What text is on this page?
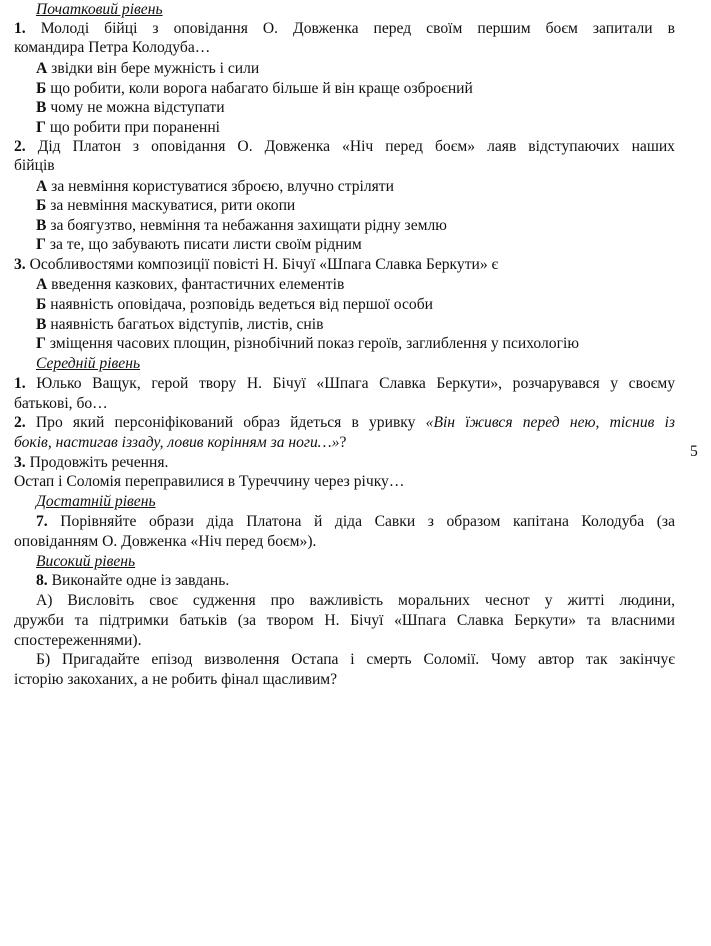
Початковий рівень
1. Молоді бійці з оповідання О. Довженка перед своїм першим боєм запитали в
командира Петра Колодуба…
А звідки він бере мужність і сили
Б що робити, коли ворога набагато більше й він краще озброєний
В чому не можна відступати
Г що робити при пораненні
2. Дід Платон з оповідання О. Довженка «Ніч перед боєм» лаяв відступаючих наших
бійців
А за невміння користуватися зброєю, влучно стріляти
Б за невміння маскуватися, рити окопи
В за боягузтво, невміння та небажання захищати рідну землю
Г за те, що забувають писати листи своїм рідним
3. Особливостями композиції повісті Н. Бічуї «Шпага Славка Беркути» є
А введення казкових, фантастичних елементів
Б наявність оповідача, розповідь ведеться від першої особи
В наявність багатьох відступів, листів, снів
Г зміщення часових площин, різнобічний показ героїв, заглиблення у психологію
Середній рівень
1. Юлько Ващук, герой твору Н. Бічуї «Шпага Славка Беркути», розчарувався у своєму
батькові, бо…
2. Про який персоніфікований образ йдеться в уривку «Він їжився перед нею, тіснив із
боків, настигав іззаду, ловив корінням за ноги…»?
3. Продовжіть речення.
Остап і Соломія переправилися в Туреччину через річку…
5
Достатній рівень
7. Порівняйте образи діда Платона й діда Савки з образом капітана Колодуба (за
оповіданням О. Довженка «Ніч перед боєм»).
Високий рівень
8. Виконайте одне із завдань.
А) Висловіть своє судження про важливість моральних чеснот у житті людини,
дружби та підтримки батьків (за твором Н. Бічуї «Шпага Славка Беркути» та власними
спостереженнями).
Б) Пригадайте епізод визволення Остапа і смерть Соломії. Чому автор так закінчує
історію закоханих, а не робить фінал щасливим?
